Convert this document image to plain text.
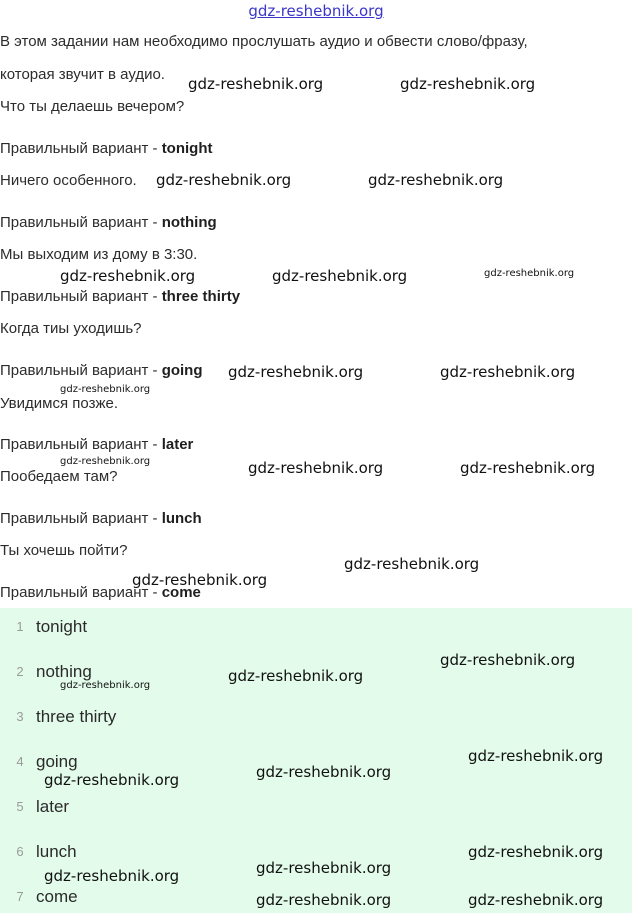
gdz-reshebnik.org
В этом задании нам необходимо прослушать аудио и обвести слово/фразу,
которая звучит в аудио.
Что ты делаешь вечером?
Правильный вариант - tonight
Ничего особенного.
Правильный вариант - nothing
Мы выходим из дому в 3:30.
Правильный вариант - three thirty
Когда тиы уходишь?
Правильный вариант - going
Увидимся позже.
Правильный вариант - later
Пообедаем там?
Правильный вариант - lunch
Ты хочешь пойти?
Правильный вариант - come
1 tonight
2 nothing
3 three thirty
4 going
5 later
6 lunch
7 come
gdz-reshebnik.org	gdz-reshebnik.org
gdz-reshebnik.org	gdz-reshebnik.org
gdz-reshebnik.org	gdz-reshebnik.org	gdz-reshebnik.org
gdz-reshebnik.org	gdz-reshebnik.org
gdz-reshebnik.org
gdz-reshebnik.org	gdz-reshebnik.org	gdz-reshebnik.org
gdz-reshebnik.org
gdz-reshebnik.org
gdz-reshebnik.org
gdz-reshebnik.org
gdz-reshebnik.org
gdz-reshebnik.org
gdz-reshebnik.org
gdz-reshebnik.org
gdz-reshebnik.org
gdz-reshebnik.org
gdz-reshebnik.org
gdz-reshebnik.org
gdz-reshebnik.org
